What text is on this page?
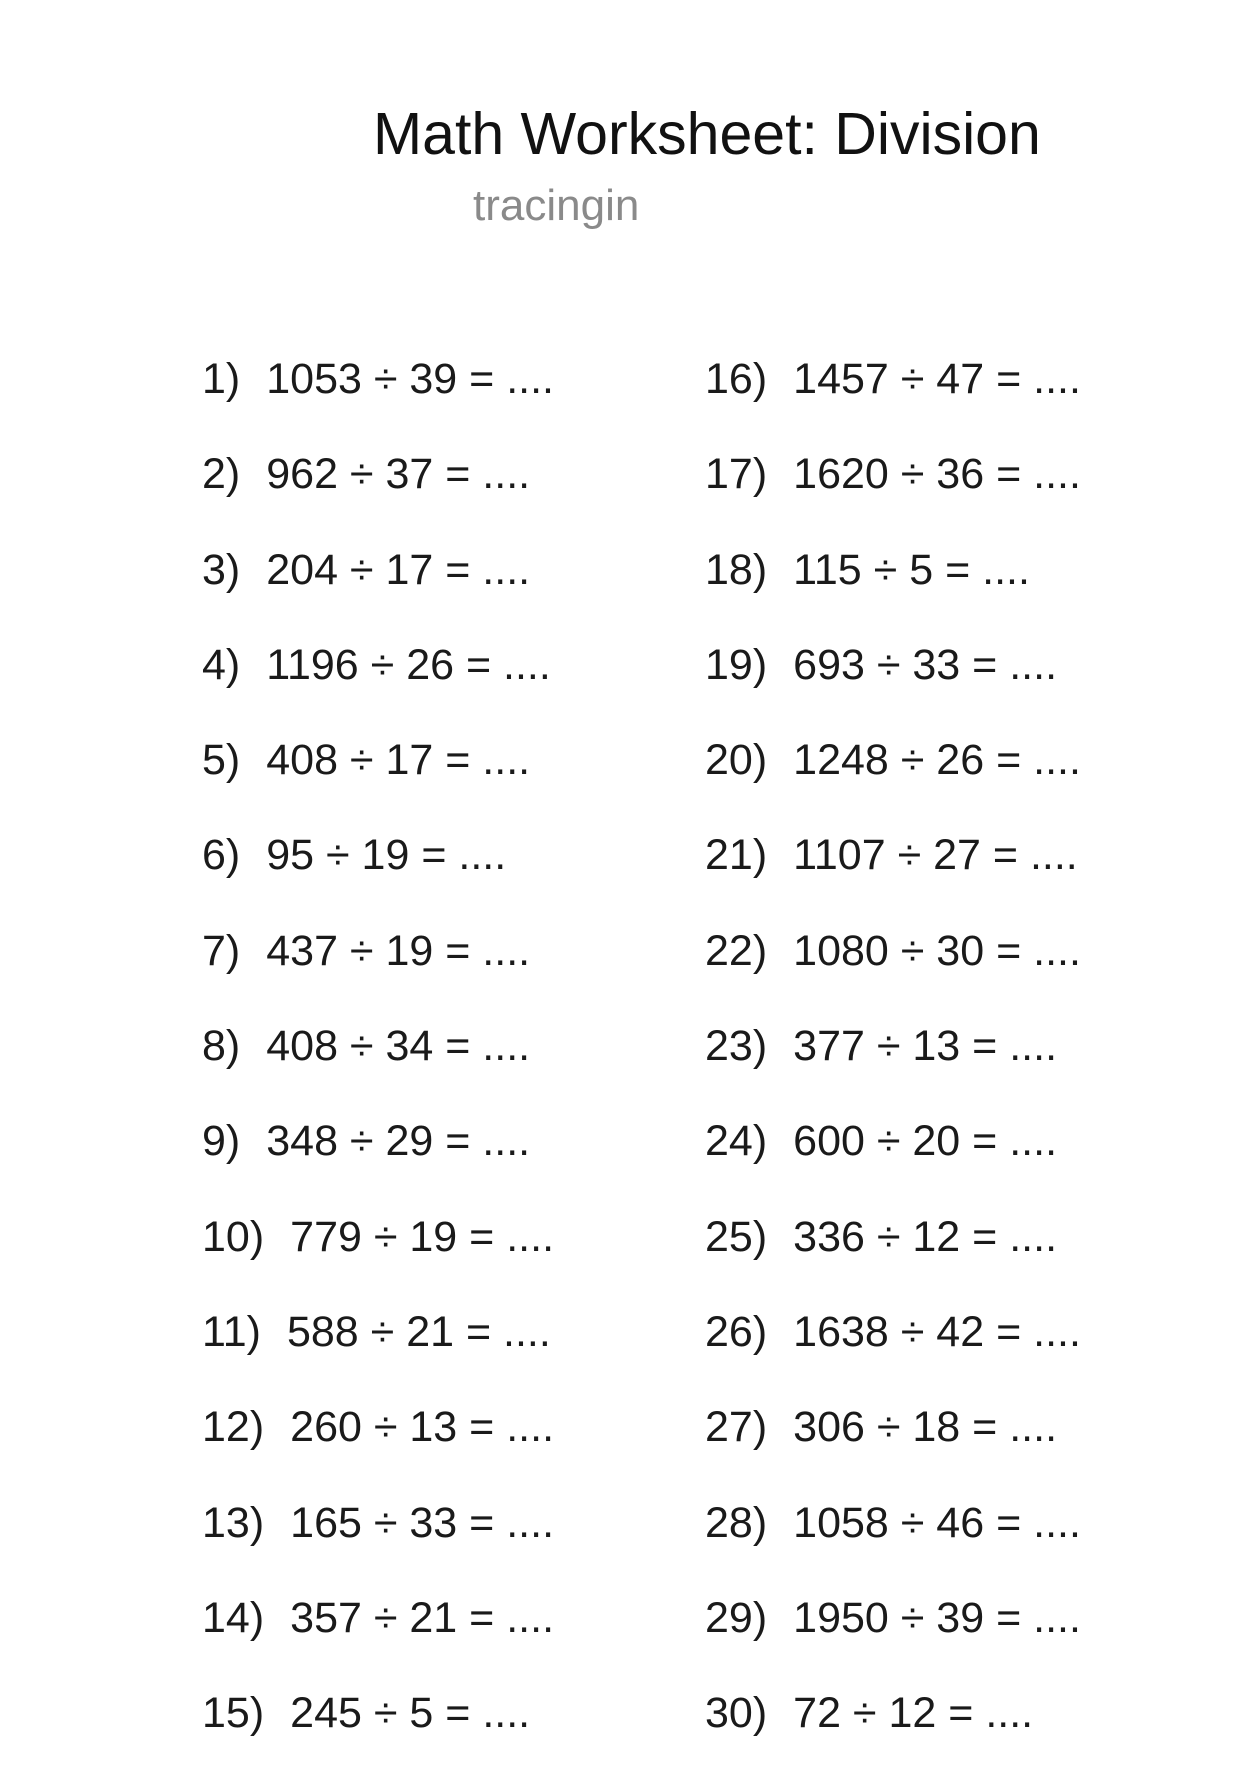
Math Worksheet: Division
tracingin
1) 1053 ÷ 39 = ....
2) 962 ÷ 37 = ....
3) 204 ÷ 17 = ....
4) 1196 ÷ 26 = ....
5) 408 ÷ 17 = ....
6) 95 ÷ 19 = ....
7) 437 ÷ 19 = ....
8) 408 ÷ 34 = ....
9) 348 ÷ 29 = ....
10) 779 ÷ 19 = ....
11) 588 ÷ 21 = ....
12) 260 ÷ 13 = ....
13) 165 ÷ 33 = ....
14) 357 ÷ 21 = ....
15) 245 ÷ 5 = ....
16) 1457 ÷ 47 = ....
17) 1620 ÷ 36 = ....
18) 115 ÷ 5 = ....
19) 693 ÷ 33 = ....
20) 1248 ÷ 26 = ....
21) 1107 ÷ 27 = ....
22) 1080 ÷ 30 = ....
23) 377 ÷ 13 = ....
24) 600 ÷ 20 = ....
25) 336 ÷ 12 = ....
26) 1638 ÷ 42 = ....
27) 306 ÷ 18 = ....
28) 1058 ÷ 46 = ....
29) 1950 ÷ 39 = ....
30) 72 ÷ 12 = ....
